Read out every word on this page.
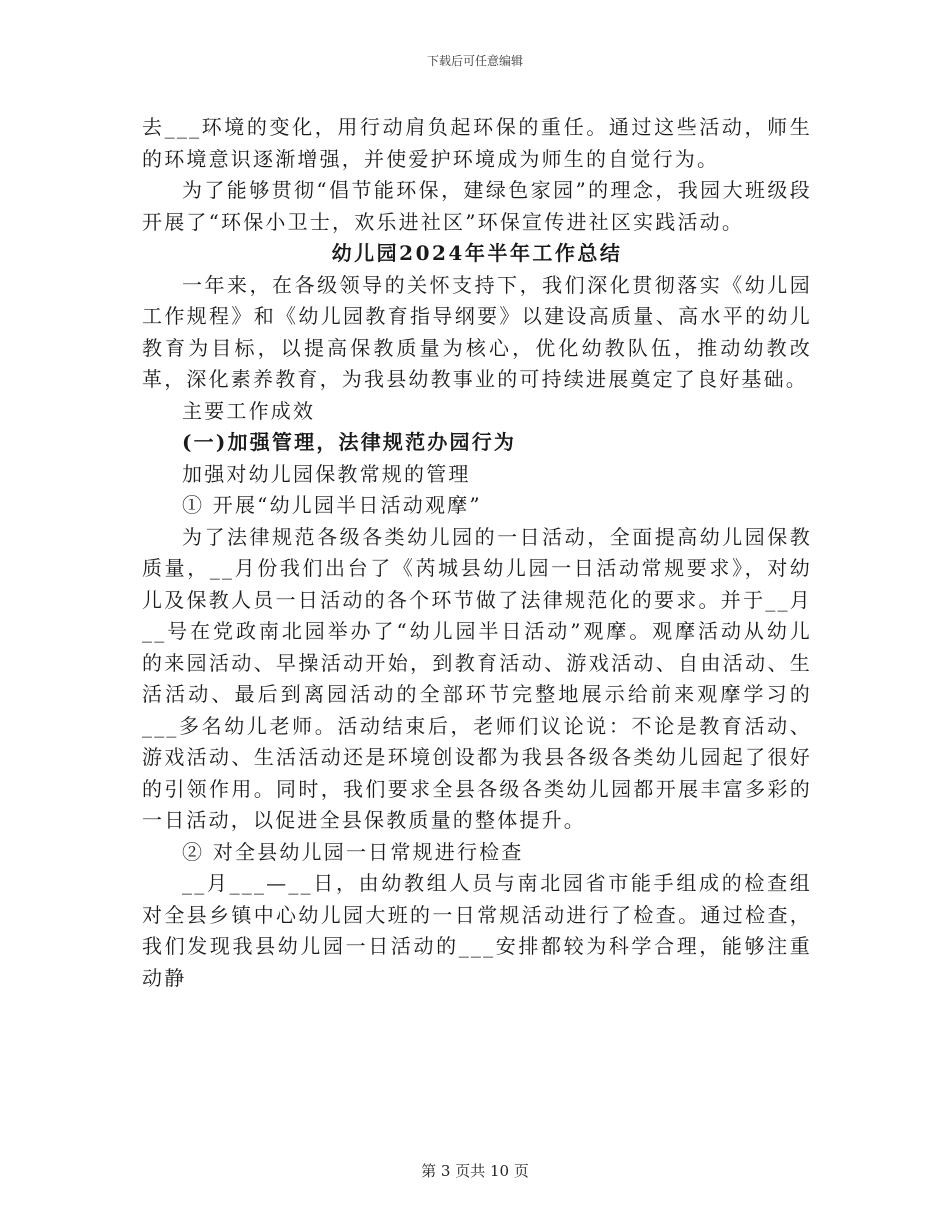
下载后可任意编辑

去___环境的变化，用行动肩负起环保的重任。通过这些活动，师生的环境意识逐渐增强，并使爱护环境成为师生的自觉行为。

为了能够贯彻“倡节能环保，建绿色家园”的理念，我园大班级段开展了“环保小卫士，欢乐进社区”环保宣传进社区实践活动。

幼儿园2024年半年工作总结

一年来，在各级领导的关怀支持下，我们深化贯彻落实《幼儿园工作规程》和《幼儿园教育指导纲要》以建设高质量、高水平的幼儿教育为目标，以提高保教质量为核心，优化幼教队伍，推动幼教改革，深化素养教育，为我县幼教事业的可持续进展奠定了良好基础。

主要工作成效

(一)加强管理，法律规范办园行为

加强对幼儿园保教常规的管理

① 开展“幼儿园半日活动观摩”

为了法律规范各级各类幼儿园的一日活动，全面提高幼儿园保教质量，__月份我们出台了《芮城县幼儿园一日活动常规要求》，对幼儿及保教人员一日活动的各个环节做了法律规范化的要求。并于__月__号在党政南北园举办了“幼儿园半日活动”观摩。观摩活动从幼儿的来园活动、早操活动开始，到教育活动、游戏活动、自由活动、生活活动、最后到离园活动的全部环节完整地展示给前来观摩学习的___多名幼儿老师。活动结束后，老师们议论说：不论是教育活动、游戏活动、生活活动还是环境创设都为我县各级各类幼儿园起了很好的引领作用。同时，我们要求全县各级各类幼儿园都开展丰富多彩的一日活动，以促进全县保教质量的整体提升。

② 对全县幼儿园一日常规进行检查

__月___—__日，由幼教组人员与南北园省市能手组成的检查组对全县乡镇中心幼儿园大班的一日常规活动进行了检查。通过检查，我们发现我县幼儿园一日活动的___安排都较为科学合理，能够注重动静

第 3 页共 10 页
